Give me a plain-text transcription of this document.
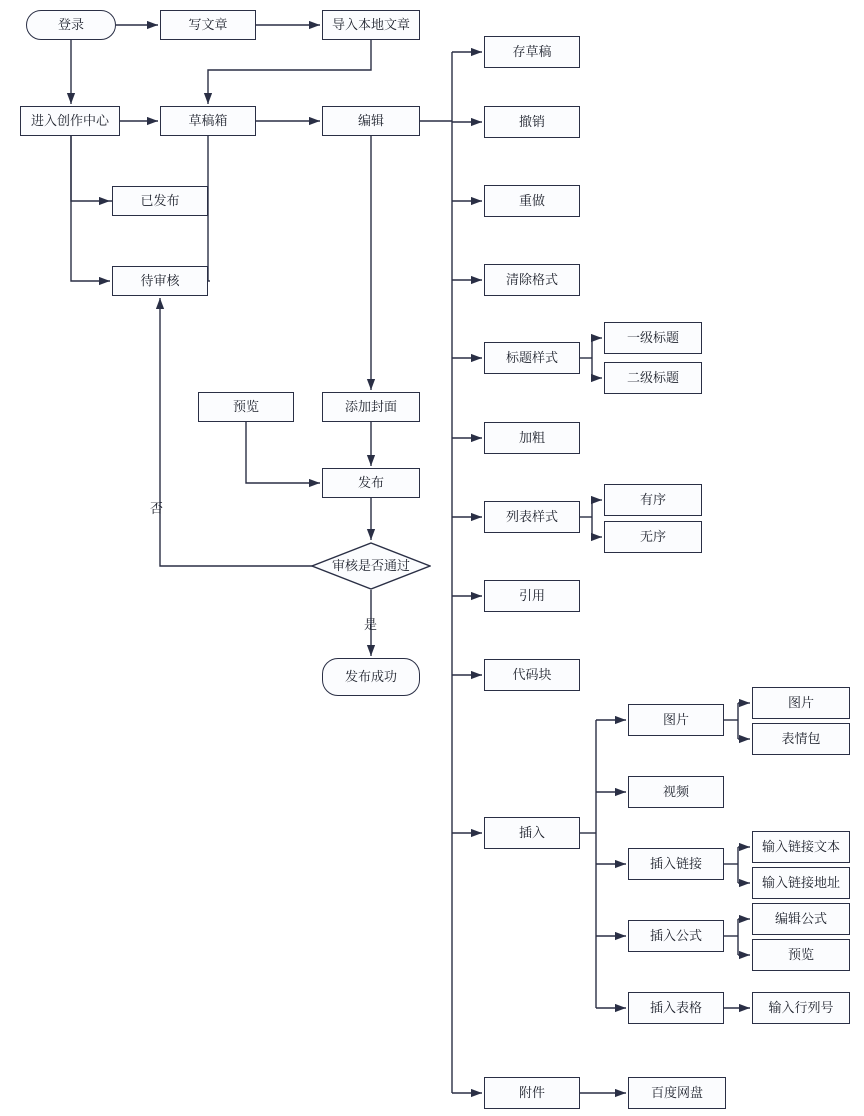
登录	写文章	导入本地文章
进入创作中心	草稿箱	编辑
已发布
待审核
预览	添加封面
发布
审核是否通过
发布成功
存草稿
撤销
重做
清除格式
标题样式
一级标题
二级标题
加粗
列表样式
有序
无序
引用
代码块
插入
附件
图片
图片
表情包
视频
插入链接
输入链接文本
输入链接地址
插入公式
编辑公式
预览
插入表格	输入行列号
百度网盘
否
是
